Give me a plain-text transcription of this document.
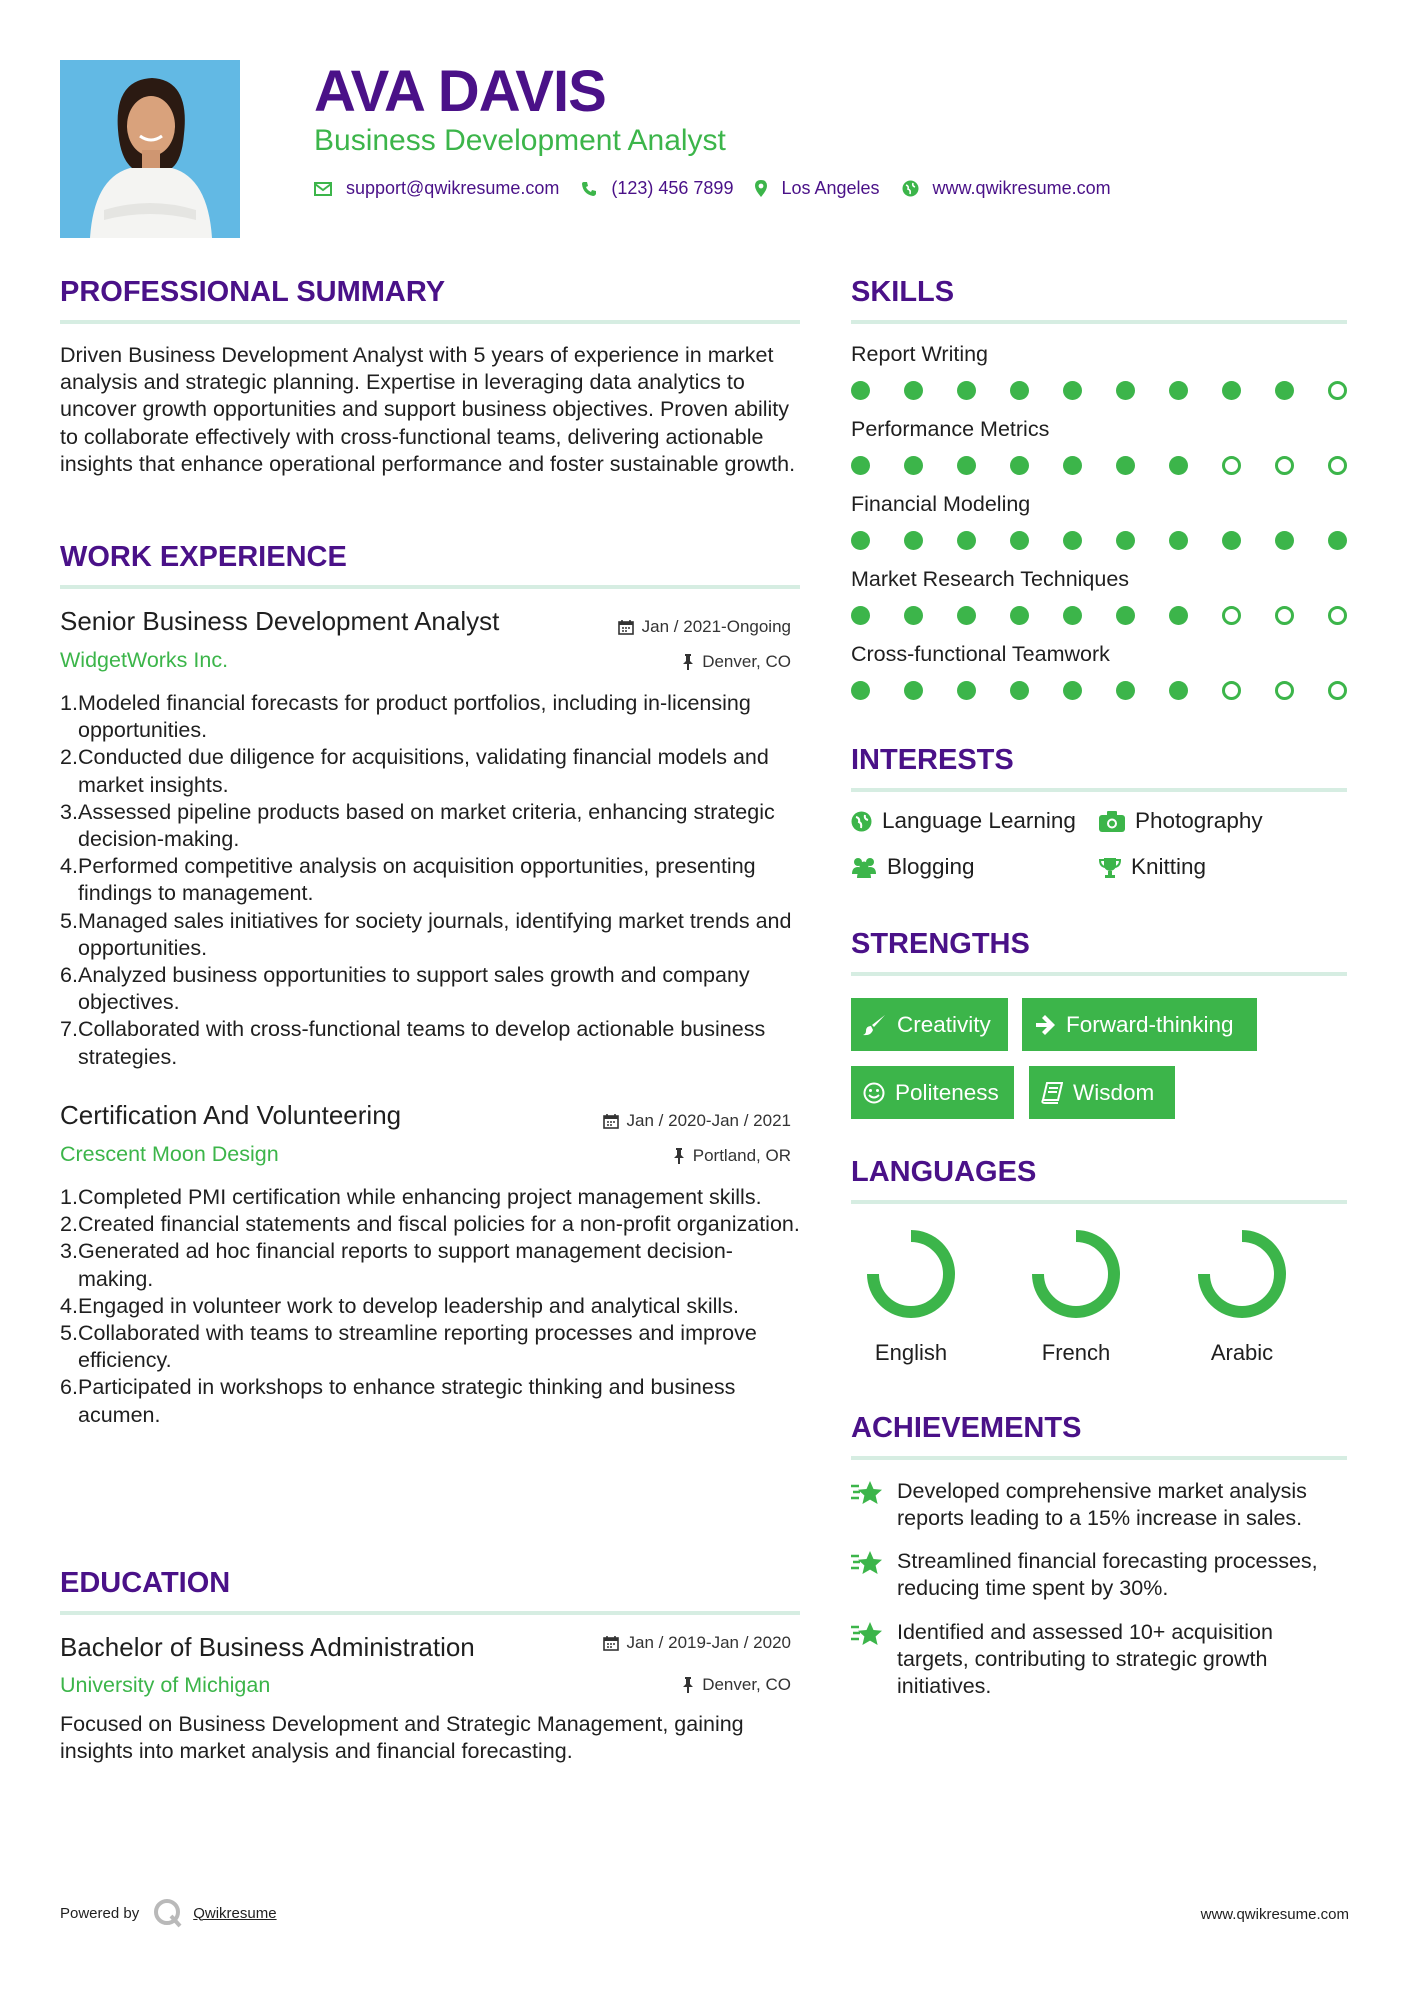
AVA DAVIS
Business Development Analyst
support@qwikresume.com	(123) 456 7899	Los Angeles	www.qwikresume.com
PROFESSIONAL SUMMARY
Driven Business Development Analyst with 5 years of experience in market analysis and strategic planning. Expertise in leveraging data analytics to uncover growth opportunities and support business objectives. Proven ability to collaborate effectively with cross-functional teams, delivering actionable insights that enhance operational performance and foster sustainable growth.
WORK EXPERIENCE
Senior Business Development Analyst	Jan / 2021-Ongoing
WidgetWorks Inc.	Denver, CO
1. Modeled financial forecasts for product portfolios, including in-licensing opportunities.
2. Conducted due diligence for acquisitions, validating financial models and market insights.
3. Assessed pipeline products based on market criteria, enhancing strategic decision-making.
4. Performed competitive analysis on acquisition opportunities, presenting findings to management.
5. Managed sales initiatives for society journals, identifying market trends and opportunities.
6. Analyzed business opportunities to support sales growth and company objectives.
7. Collaborated with cross-functional teams to develop actionable business strategies.
Certification And Volunteering	Jan / 2020-Jan / 2021
Crescent Moon Design	Portland, OR
1. Completed PMI certification while enhancing project management skills.
2. Created financial statements and fiscal policies for a non-profit organization.
3. Generated ad hoc financial reports to support management decision-making.
4. Engaged in volunteer work to develop leadership and analytical skills.
5. Collaborated with teams to streamline reporting processes and improve efficiency.
6. Participated in workshops to enhance strategic thinking and business acumen.
EDUCATION
Bachelor of Business Administration	Jan / 2019-Jan / 2020
University of Michigan	Denver, CO
Focused on Business Development and Strategic Management, gaining insights into market analysis and financial forecasting.
SKILLS
Report Writing
Performance Metrics
Financial Modeling
Market Research Techniques
Cross-functional Teamwork
INTERESTS
Language Learning	Photography
Blogging	Knitting
STRENGTHS
Creativity	Forward-thinking
Politeness	Wisdom
LANGUAGES
English	French	Arabic
ACHIEVEMENTS
Developed comprehensive market analysis reports leading to a 15% increase in sales.
Streamlined financial forecasting processes, reducing time spent by 30%.
Identified and assessed 10+ acquisition targets, contributing to strategic growth initiatives.
Powered by	Qwikresume	www.qwikresume.com
